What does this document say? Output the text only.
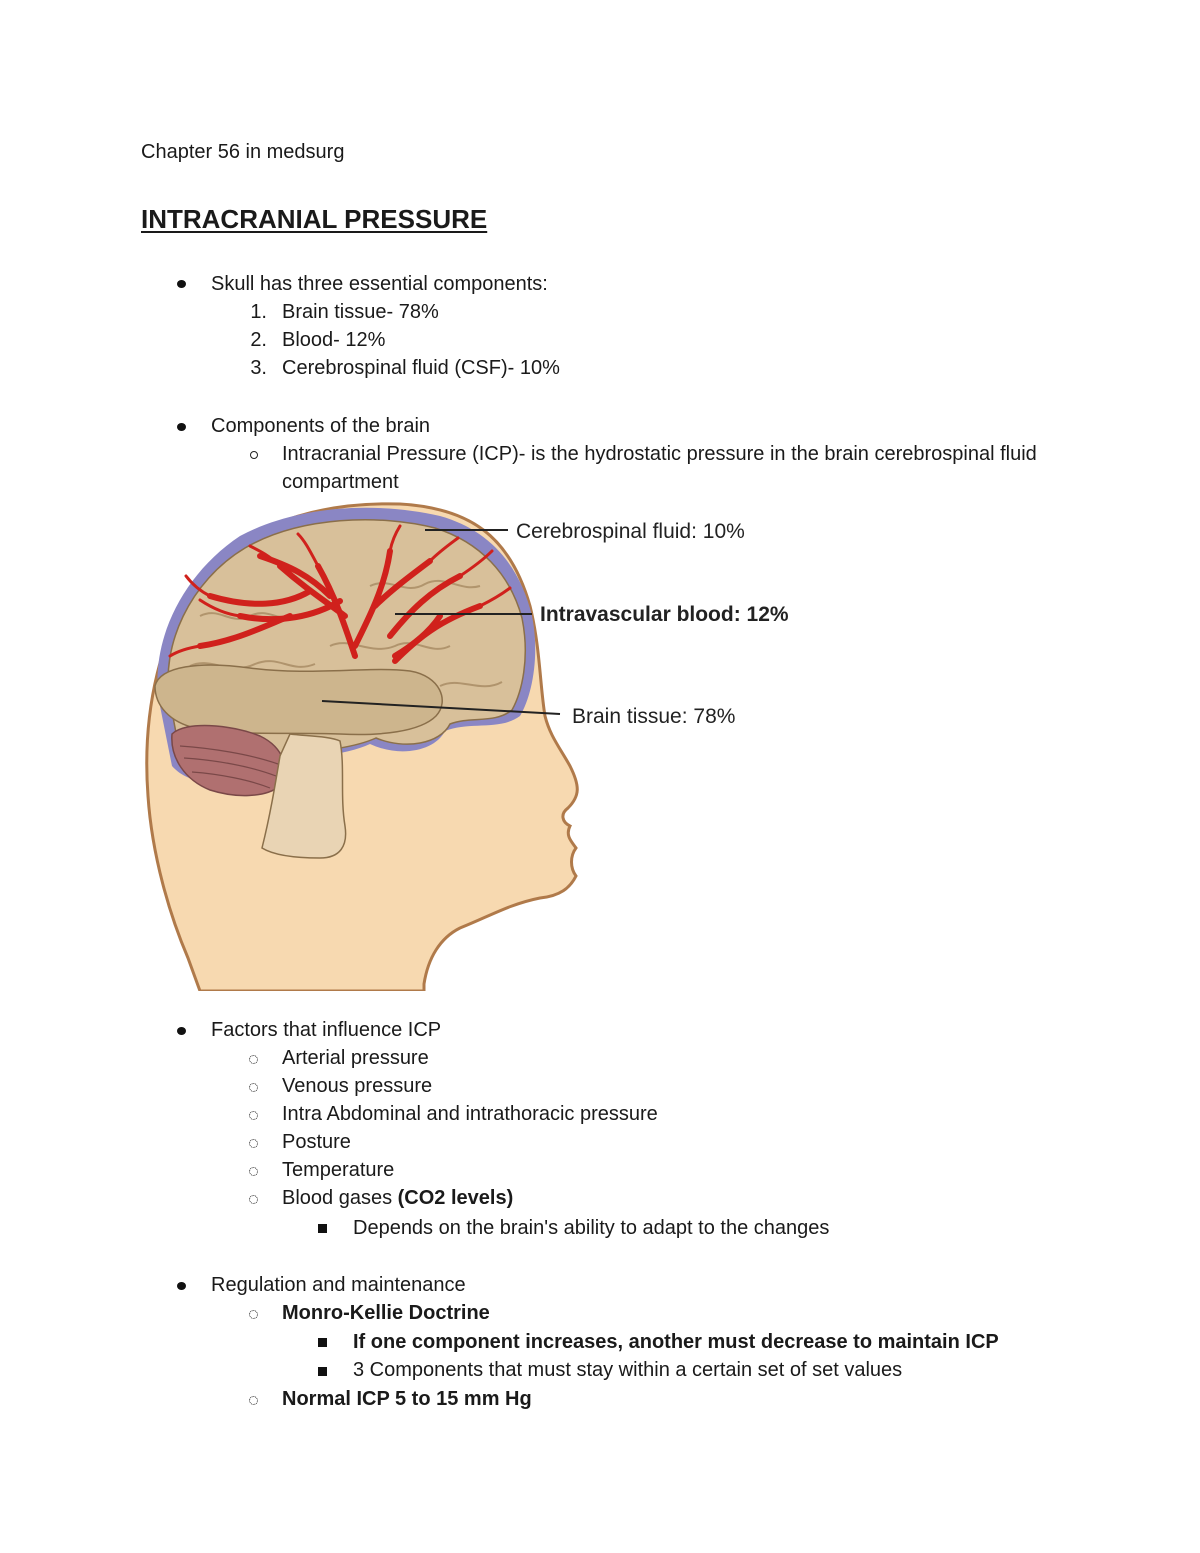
Chapter 56 in medsurg
INTRACRANIAL PRESSURE
Skull has three essential components:
1. Brain tissue- 78%
2. Blood- 12%
3. Cerebrospinal fluid (CSF)- 10%
Components of the brain
Intracranial Pressure (ICP)- is the hydrostatic pressure in the brain cerebrospinal fluid compartment
Cerebrospinal fluid: 10%
Intravascular blood: 12%
Brain tissue: 78%
Factors that influence ICP
Arterial pressure
Venous pressure
Intra Abdominal and intrathoracic pressure
Posture
Temperature
Blood gases (CO2 levels)
Depends on the brain's ability to adapt to the changes
Regulation and maintenance
Monro-Kellie Doctrine
If one component increases, another must decrease to maintain ICP
3 Components that must stay within a certain set of set values
Normal ICP 5 to 15 mm Hg
